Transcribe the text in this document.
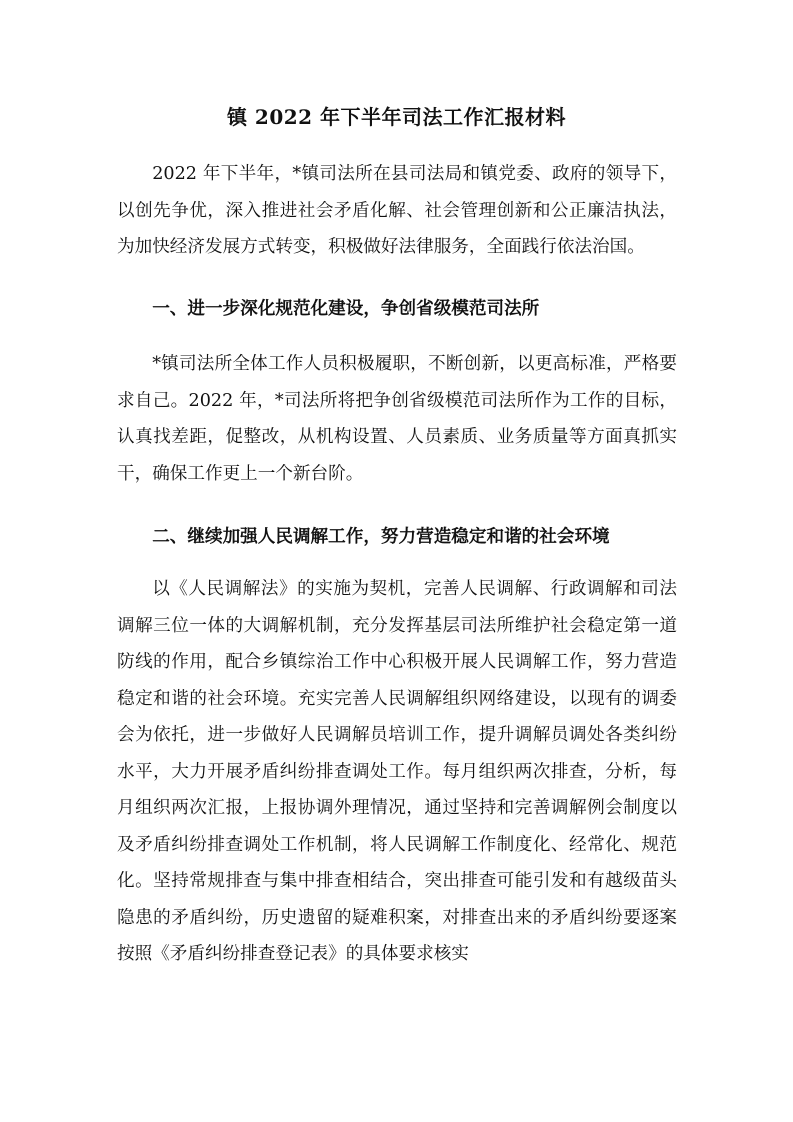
镇 2022 年下半年司法工作汇报材料

2022 年下半年，*镇司法所在县司法局和镇党委、政府的领导下，以创先争优，深入推进社会矛盾化解、社会管理创新和公正廉洁执法，为加快经济发展方式转变，积极做好法律服务，全面践行依法治国。

一、进一步深化规范化建设，争创省级模范司法所

*镇司法所全体工作人员积极履职，不断创新，以更高标准，严格要求自己。2022 年，*司法所将把争创省级模范司法所作为工作的目标，认真找差距，促整改，从机构设置、人员素质、业务质量等方面真抓实干，确保工作更上一个新台阶。

二、继续加强人民调解工作，努力营造稳定和谐的社会环境

以《人民调解法》的实施为契机，完善人民调解、行政调解和司法调解三位一体的大调解机制，充分发挥基层司法所维护社会稳定第一道防线的作用，配合乡镇综治工作中心积极开展人民调解工作，努力营造稳定和谐的社会环境。充实完善人民调解组织网络建设，以现有的调委会为依托，进一步做好人民调解员培训工作，提升调解员调处各类纠纷水平，大力开展矛盾纠纷排查调处工作。每月组织两次排查，分析，每月组织两次汇报，上报协调外理情况，通过坚持和完善调解例会制度以及矛盾纠纷排查调处工作机制，将人民调解工作制度化、经常化、规范化。坚持常规排查与集中排查相结合，突出排查可能引发和有越级苗头隐患的矛盾纠纷，历史遗留的疑难积案，对排查出来的矛盾纠纷要逐案按照《矛盾纠纷排查登记表》的具体要求核实
